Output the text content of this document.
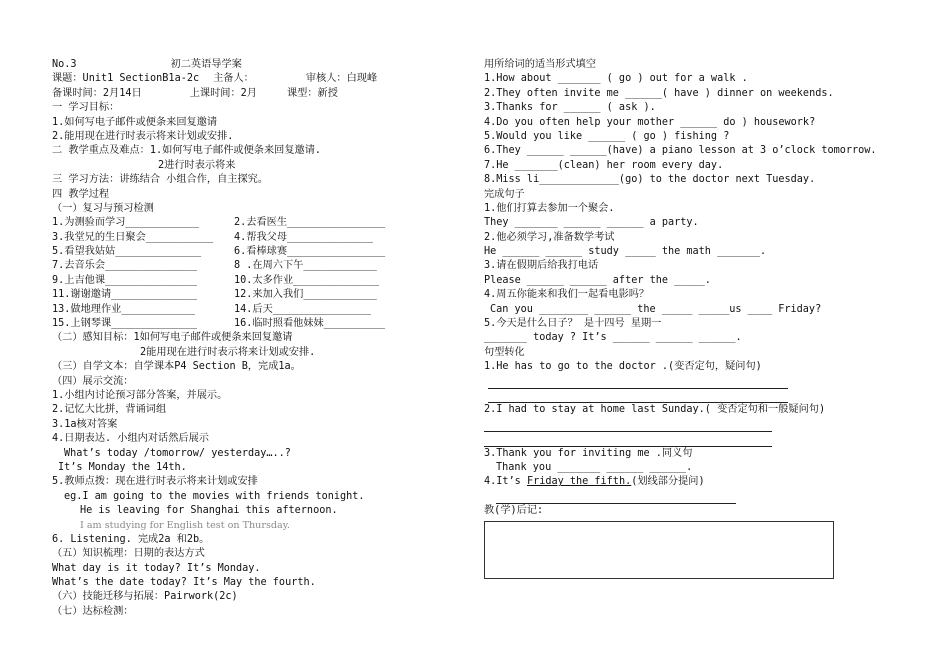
No.3	初二英语导学案
课题：Unit1 SectionB1a-2c 主备人：	审核人：白现峰
备课时间：2月14日	上课时间：2月	课型：新授
一 学习目标：
1.如何写电子邮件或便条来回复邀请
2.能用现在进行时表示将来计划或安排.
二 教学重点及难点：1.如何写电子邮件或便条来回复邀请.
2进行时表示将来
三 学习方法：讲练结合 小组合作，自主探究。
四 教学过程
（一）复习与预习检测
1.为测验而学习____________	2.去看医生________________
3.我堂兄的生日聚会___________	4.帮我父母______________
5.看望我姑姑______________	6.看棒球赛________________
7.去音乐会_______________	8 .在周六下午____________
9.上吉他课_______________	10.太多作业______________
11.谢谢邀请______________	12.来加入我们____________
13.做地理作业____________	14.后天________________
15.上钢琴课______________	16.临时照看他妹妹__________
（二）感知目标：1如何写电子邮件或便条来回复邀请
2能用现在进行时表示将来计划或安排.
（三）自学文本：自学课本P4 Section B，完成1a。
（四）展示交流：
1.小组内讨论预习部分答案，并展示。
2.记忆大比拼，背诵词组
3.1a核对答案
4.日期表达. 小组内对话然后展示
What’s today /tomorrow/ yesterday…..?
It’s Monday the 14th.
5.教师点拨：现在进行时表示将来计划或安排
eg.I am going to the movies with friends tonight.
He is leaving for Shanghai this afternoon.
I am studying for English test on Thursday.
6. Listening. 完成2a 和2b。
（五）知识梳理：日期的表达方式
What day is it today? It’s Monday.
What’s the date today? It’s May the fourth.
（六）技能迁移与拓展：Pairwork(2c)
（七）达标检测：
用所给词的适当形式填空
1.How about _______ ( go ) out for a walk .
2.They often invite me ______( have ) dinner on weekends.
3.Thanks for ______ ( ask ).
4.Do you often help your mother ______ do ) housework?
5.Would you like ______ ( go ) fishing ?
6.They ______ ______(have) a piano lesson at 3 o’clock tomorrow.
7.He _______(clean) her room every day.
8.Miss li_____________(go) to the doctor next Tuesday.
完成句子
1.他们打算去参加一个聚会.
They _______ ______ ______ a party.
2.他必须学习,准备数学考试
He ______ ______ study _____ the math _______.
3.请在假期后给我打电话
Please ______ ______ after the _____.
4.周五你能来和我们一起看电影吗？
Can you ________ ______ the _____ _____us ____ Friday?
5.今天是什么日子？ 是十四号 星期一
_______ today ? It’s ______ ______ ______.
句型转化
1.He has to go to the doctor .(变否定句，疑问句)
2.I had to stay at home last Sunday.( 变否定句和一般疑问句)
3.Thank you for inviting me .同义句
Thank you _______ ______ ______.
4.It’s Friday the fifth.(划线部分提问)
教(学)后记:
